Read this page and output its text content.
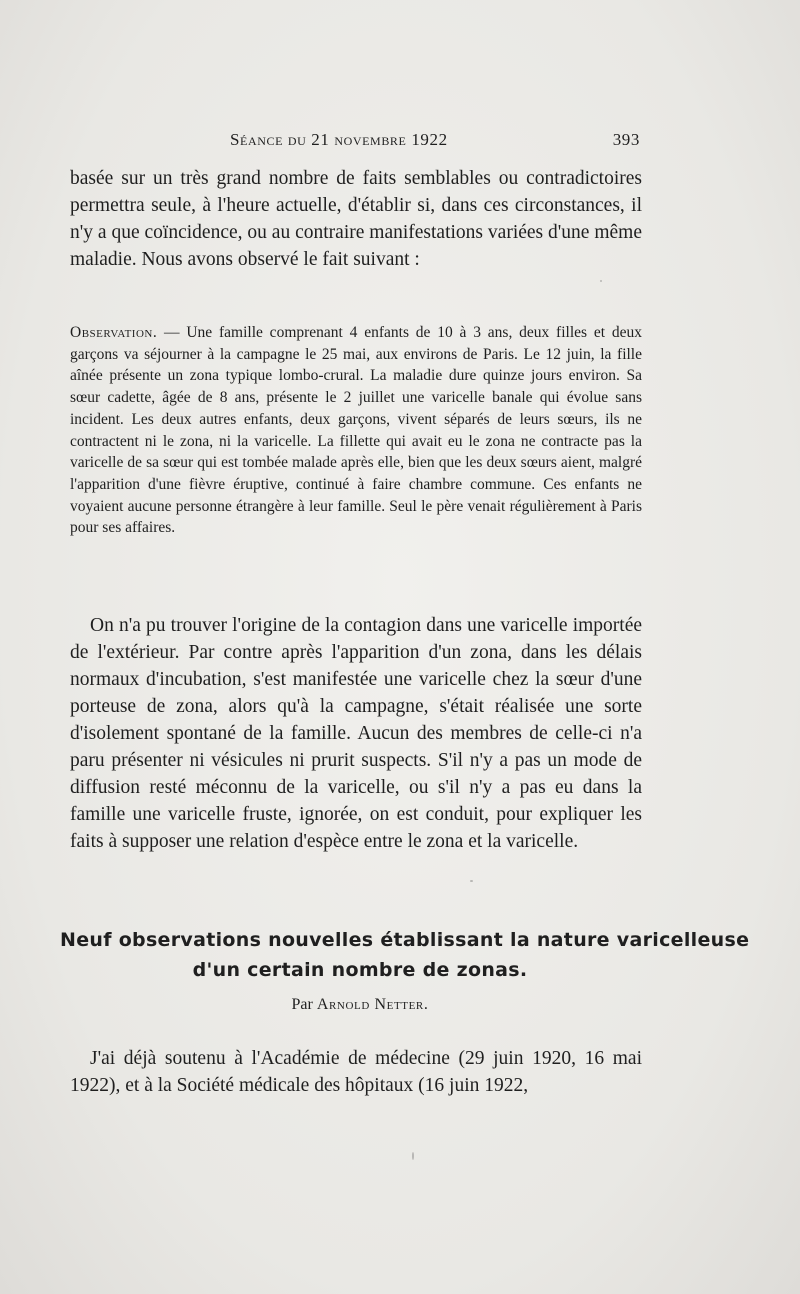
Séance du 21 novembre 1922	393

basée sur un très grand nombre de faits semblables ou contradictoires permettra seule, à l'heure actuelle, d'établir si, dans ces circonstances, il n'y a que coïncidence, ou au contraire manifestations variées d'une même maladie. Nous avons observé le fait suivant :

Observation. — Une famille comprenant 4 enfants de 10 à 3 ans, deux filles et deux garçons va séjourner à la campagne le 25 mai, aux environs de Paris. Le 12 juin, la fille aînée présente un zona typique lombo-crural. La maladie dure quinze jours environ. Sa sœur cadette, âgée de 8 ans, présente le 2 juillet une varicelle banale qui évolue sans incident. Les deux autres enfants, deux garçons, vivent séparés de leurs sœurs, ils ne contractent ni le zona, ni la varicelle. La fillette qui avait eu le zona ne contracte pas la varicelle de sa sœur qui est tombée malade après elle, bien que les deux sœurs aient, malgré l'apparition d'une fièvre éruptive, continué à faire chambre commune. Ces enfants ne voyaient aucune personne étrangère à leur famille. Seul le père venait régulièrement à Paris pour ses affaires.

On n'a pu trouver l'origine de la contagion dans une varicelle importée de l'extérieur. Par contre après l'apparition d'un zona, dans les délais normaux d'incubation, s'est manifestée une varicelle chez la sœur d'une porteuse de zona, alors qu'à la campagne, s'était réalisée une sorte d'isolement spontané de la famille. Aucun des membres de celle-ci n'a paru présenter ni vésicules ni prurit suspects. S'il n'y a pas un mode de diffusion resté méconnu de la varicelle, ou s'il n'y a pas eu dans la famille une varicelle fruste, ignorée, on est conduit, pour expliquer les faits à supposer une relation d'espèce entre le zona et la varicelle.

Neuf observations nouvelles établissant la nature varicelleuse
d'un certain nombre de zonas.

Par Arnold Netter.

J'ai déjà soutenu à l'Académie de médecine (29 juin 1920, 16 mai 1922), et à la Société médicale des hôpitaux (16 juin 1922,
